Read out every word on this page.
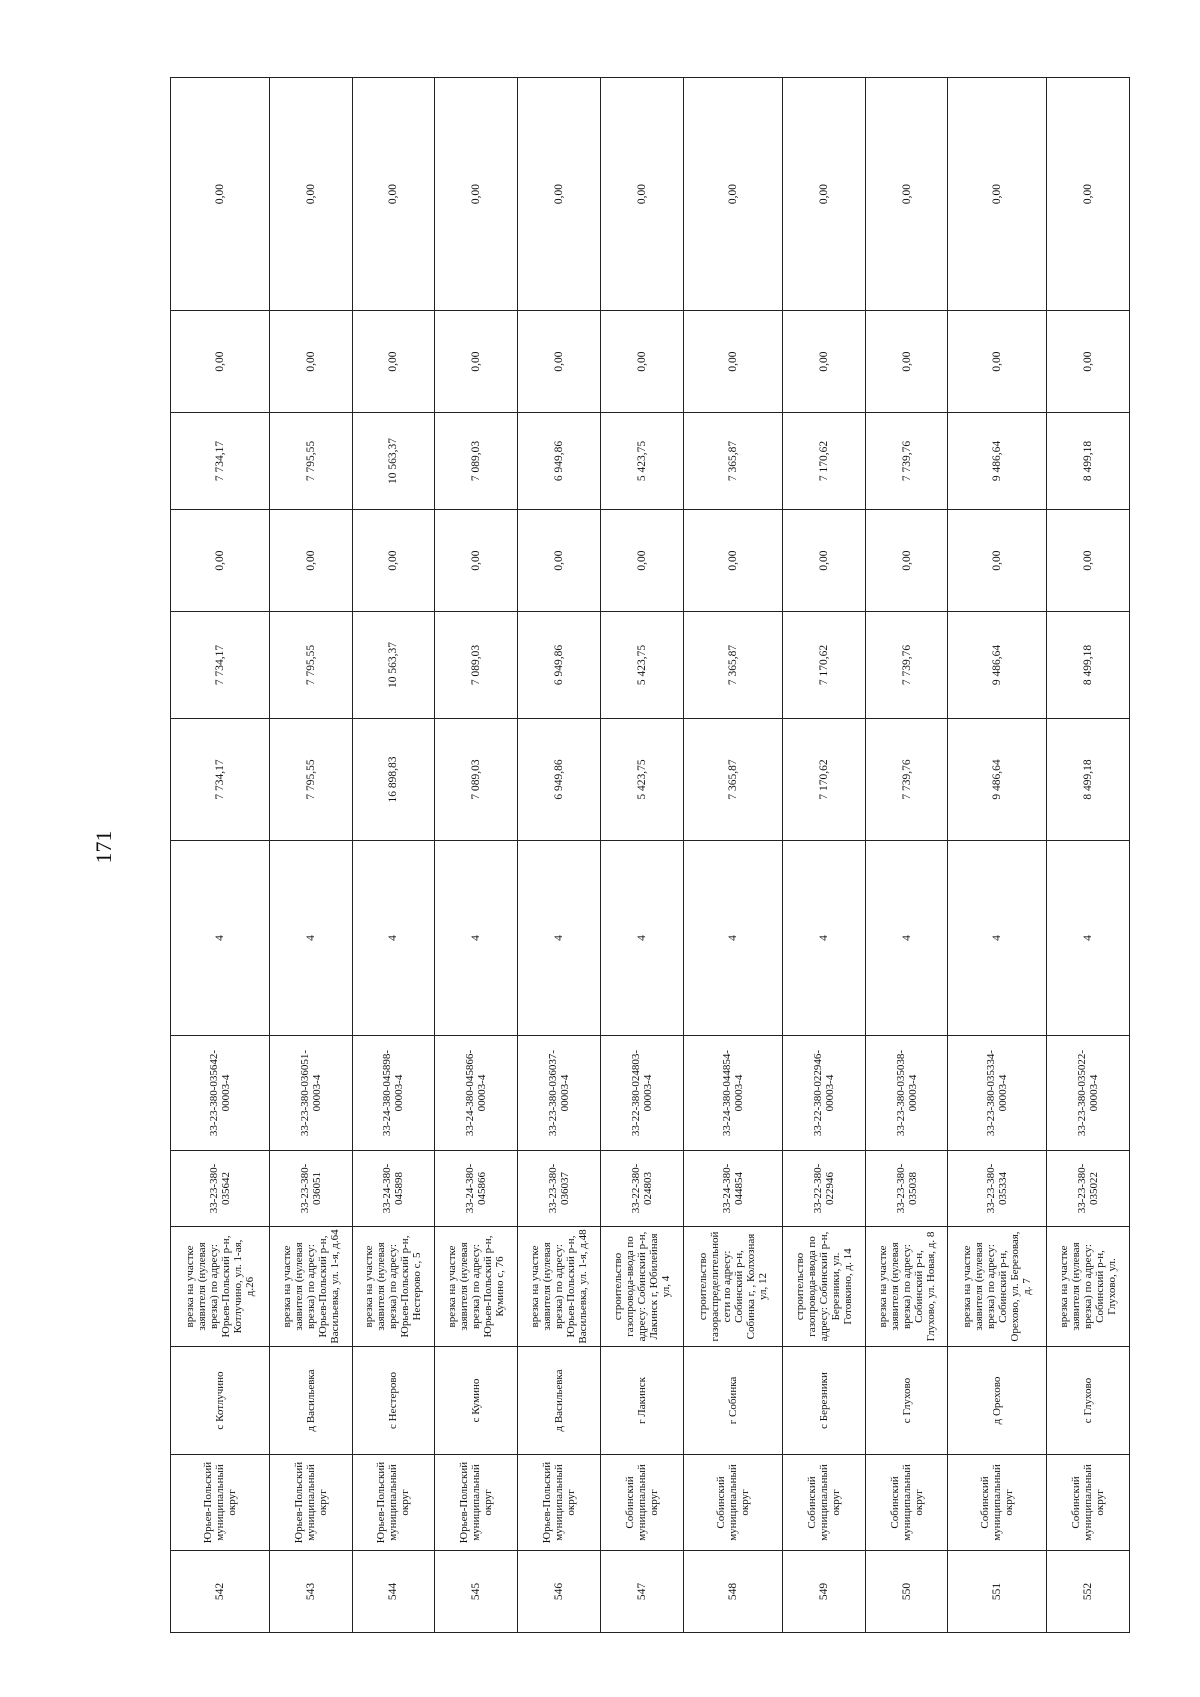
171
542	Юрьев-Польский муниципальный округ	с Котлучино	врезка на участке заявителя (нулевая врезка) по адресу: Юрьев-Польский р-н, Котлучино, ул. 1-ая, д.26	33-23-380-035642	33-23-380-035642-00003-4	4	7 734,17	7 734,17	0,00	7 734,17	0,00	0,00
543	Юрьев-Польский муниципальный округ	д Васильевка	врезка на участке заявителя (нулевая врезка) по адресу: Юрьев-Польский р-н, Васильевка, ул. 1-я, д.64	33-23-380-036051	33-23-380-036051-00003-4	4	7 795,55	7 795,55	0,00	7 795,55	0,00	0,00
544	Юрьев-Польский муниципальный округ	с Нестерово	врезка на участке заявителя (нулевая врезка) по адресу: Юрьев-Польский р-н, Нестерово с, 5	33-24-380-045898	33-24-380-045898-00003-4	4	16 898,83	10 563,37	0,00	10 563,37	0,00	0,00
545	Юрьев-Польский муниципальный округ	с Кумино	врезка на участке заявителя (нулевая врезка) по адресу: Юрьев-Польский р-н, Кумино с, 76	33-24-380-045866	33-24-380-045866-00003-4	4	7 089,03	7 089,03	0,00	7 089,03	0,00	0,00
546	Юрьев-Польский муниципальный округ	д Васильевка	врезка на участке заявителя (нулевая врезка) по адресу: Юрьев-Польский р-н, Васильевка, ул. 1-я, д.48	33-23-380-036037	33-23-380-036037-00003-4	4	6 949,86	6 949,86	0,00	6 949,86	0,00	0,00
547	Собинский муниципальный округ	г Лакинск	строительство газопровода-ввода по адресу: Собинский р-н, Лакинск г, Юбилейная ул, 4	33-22-380-024803	33-22-380-024803-00003-4	4	5 423,75	5 423,75	0,00	5 423,75	0,00	0,00
548	Собинский муниципальный округ	г Собинка	строительство газораспределительной сети по адресу: Собинский р-н, Собинка г, , Колхозная ул, 12	33-24-380-044854	33-24-380-044854-00003-4	4	7 365,87	7 365,87	0,00	7 365,87	0,00	0,00
549	Собинский муниципальный округ	с Березники	строительство газопровода-ввода по адресу: Собинский р-н, Березники, ул. Готовкино, д. 14	33-22-380-022946	33-22-380-022946-00003-4	4	7 170,62	7 170,62	0,00	7 170,62	0,00	0,00
550	Собинский муниципальный округ	с Глухово	врезка на участке заявителя (нулевая врезка) по адресу: Собинский р-н, Глухово, ул. Новая, д. 8	33-23-380-035038	33-23-380-035038-00003-4	4	7 739,76	7 739,76	0,00	7 739,76	0,00	0,00
551	Собинский муниципальный округ	д Орехово	врезка на участке заявителя (нулевая врезка) по адресу: Собинский р-н, Орехово, ул. Березовая, д. 7	33-23-380-035334	33-23-380-035334-00003-4	4	9 486,64	9 486,64	0,00	9 486,64	0,00	0,00
552	Собинский муниципальный округ	с Глухово	врезка на участке заявителя (нулевая врезка) по адресу: Собинский р-н, Глухово, ул.	33-23-380-035022	33-23-380-035022-00003-4	4	8 499,18	8 499,18	0,00	8 499,18	0,00	0,00
